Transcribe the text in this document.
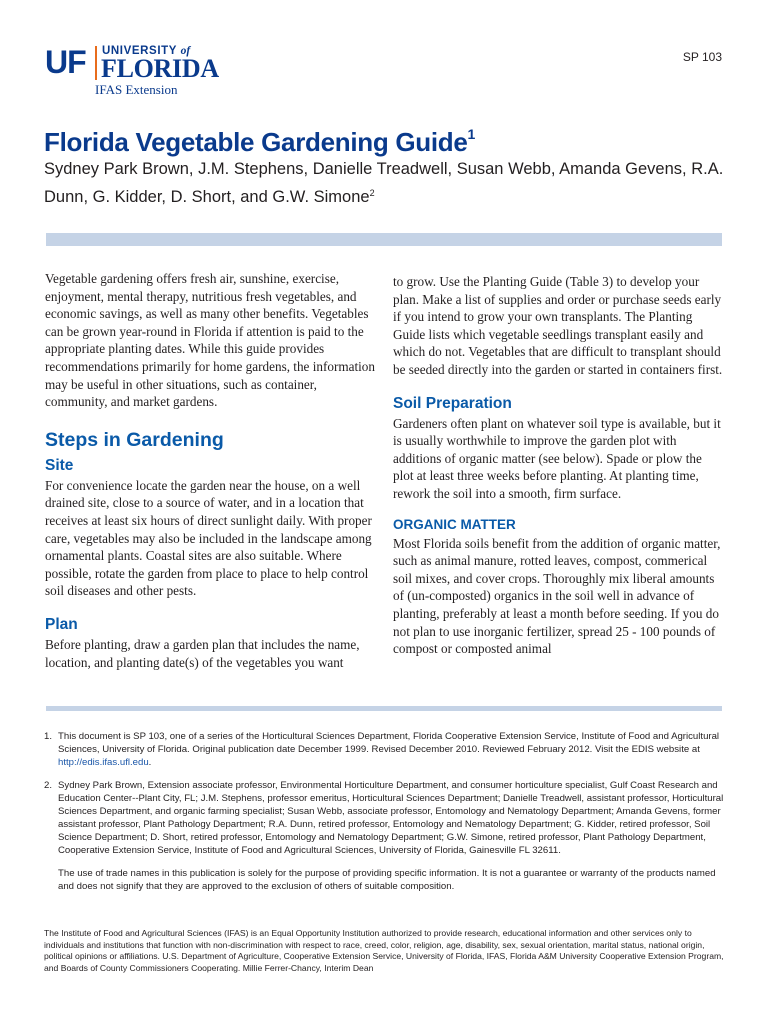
UF UNIVERSITY of
FLORIDA
IFAS Extension
SP 103
Florida Vegetable Gardening Guide$^1$
Sydney Park Brown, J.M. Stephens, Danielle Treadwell, Susan Webb, Amanda Gevens, R.A. Dunn, G. Kidder, D. Short, and G.W. Simone$^2$

Vegetable gardening offers fresh air, sunshine, exercise, enjoyment, mental therapy, nutritious fresh vegetables, and economic savings, as well as many other benefits. Vegetables can be grown year-round in Florida if attention is paid to the appropriate planting dates. While this guide provides recommendations primarily for home gardens, the information may be useful in other situations, such as container, community, and market gardens.

Steps in Gardening
Site

For convenience locate the garden near the house, on a well drained site, close to a source of water, and in a location that receives at least six hours of direct sunlight daily. With proper care, vegetables may also be included in the landscape among ornamental plants. Coastal sites are also suitable. Where possible, rotate the garden from place to place to help control soil diseases and other pests.

Plan

Before planting, draw a garden plan that includes the name, location, and planting date(s) of the vegetables you want

to grow. Use the Planting Guide (Table 3) to develop your plan. Make a list of supplies and order or purchase seeds early if you intend to grow your own transplants. The Planting Guide lists which vegetable seedlings transplant easily and which do not. Vegetables that are difficult to transplant should be seeded directly into the garden or started in containers first.

Soil Preparation

Gardeners often plant on whatever soil type is available, but it is usually worthwhile to improve the garden plot with additions of organic matter (see below). Spade or plow the plot at least three weeks before planting. At planting time, rework the soil into a smooth, firm surface.

ORGANIC MATTER

Most Florida soils benefit from the addition of organic matter, such as animal manure, rotted leaves, compost, commerical soil mixes, and cover crops. Thoroughly mix liberal amounts of (un-composted) organics in the soil well in advance of planting, preferably at least a month before seeding. If you do not plan to use inorganic fertilizer, spread 25 - 100 pounds of compost or composted animal

1. This document is SP 103, one of a series of the Horticultural Sciences Department, Florida Cooperative Extension Service, Institute of Food and Agricultural Sciences, University of Florida. Original publication date December 1999. Revised December 2010. Reviewed February 2012. Visit the EDIS website at http://edis.ifas.ufl.edu.
2. Sydney Park Brown, Extension associate professor, Environmental Horticulture Department, and consumer horticulture specialist, Gulf Coast Research and Education Center--Plant City, FL; J.M. Stephens, professor emeritus, Horticultural Sciences Department; Danielle Treadwell, assistant professor, Horticultural Sciences Department, and organic farming specialist; Susan Webb, associate professor, Entomology and Nematology Department; Amanda Gevens, former assistant professor, Plant Pathology Department; R.A. Dunn, retired professor, Entomology and Nematology Department; G. Kidder, retired professor, Soil Science Department; D. Short, retired professor, Entomology and Nematology Department; G.W. Simone, retired professor, Plant Pathology Department, Cooperative Extension Service, Institute of Food and Agricultural Sciences, University of Florida, Gainesville FL 32611.
The use of trade names in this publication is solely for the purpose of providing specific information. It is not a guarantee or warranty of the products named and does not signify that they are approved to the exclusion of others of suitable composition.
The Institute of Food and Agricultural Sciences (IFAS) is an Equal Opportunity Institution authorized to provide research, educational information and other services only to individuals and institutions that function with non-discrimination with respect to race, creed, color, religion, age, disability, sex, sexual orientation, marital status, national origin, political opinions or affiliations. U.S. Department of Agriculture, Cooperative Extension Service, University of Florida, IFAS, Florida A&M University Cooperative Extension Program, and Boards of County Commissioners Cooperating. Millie Ferrer-Chancy, Interim Dean
